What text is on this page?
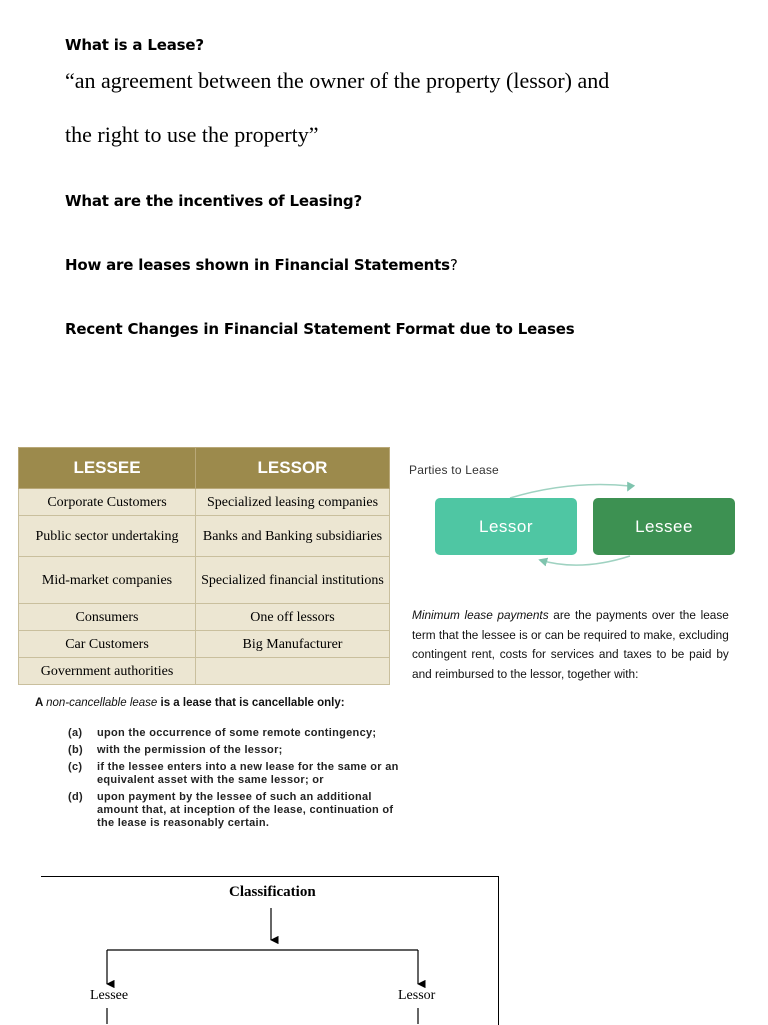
What is a Lease?
“an agreement between the owner of the property (lessor) and
the right to use the property”
What are the incentives of Leasing?
How are leases shown in Financial Statements?
Recent Changes in Financial Statement Format due to Leases
LESSEE	LESSOR
Corporate Customers	Specialized leasing companies
Public sector undertaking	Banks and Banking subsidiaries
Mid-market companies	Specialized financial institutions
Consumers	One off lessors
Car Customers	Big Manufacturer
Government authorities	
Parties to Lease
Lessor	Lessee
Minimum lease payments are the payments over the lease term that the lessee is or can be required to make, excluding contingent rent, costs for services and taxes to be paid by and reimbursed to the lessor, together with:
A non-cancellable lease is a lease that is cancellable only:
(a)	upon the occurrence of some remote contingency;
(b)	with the permission of the lessor;
(c)	if the lessee enters into a new lease for the same or an equivalent asset with the same lessor; or
(d)	upon payment by the lessee of such an additional amount that, at inception of the lease, continuation of the lease is reasonably certain.
Classification
Lessee	Lessor
